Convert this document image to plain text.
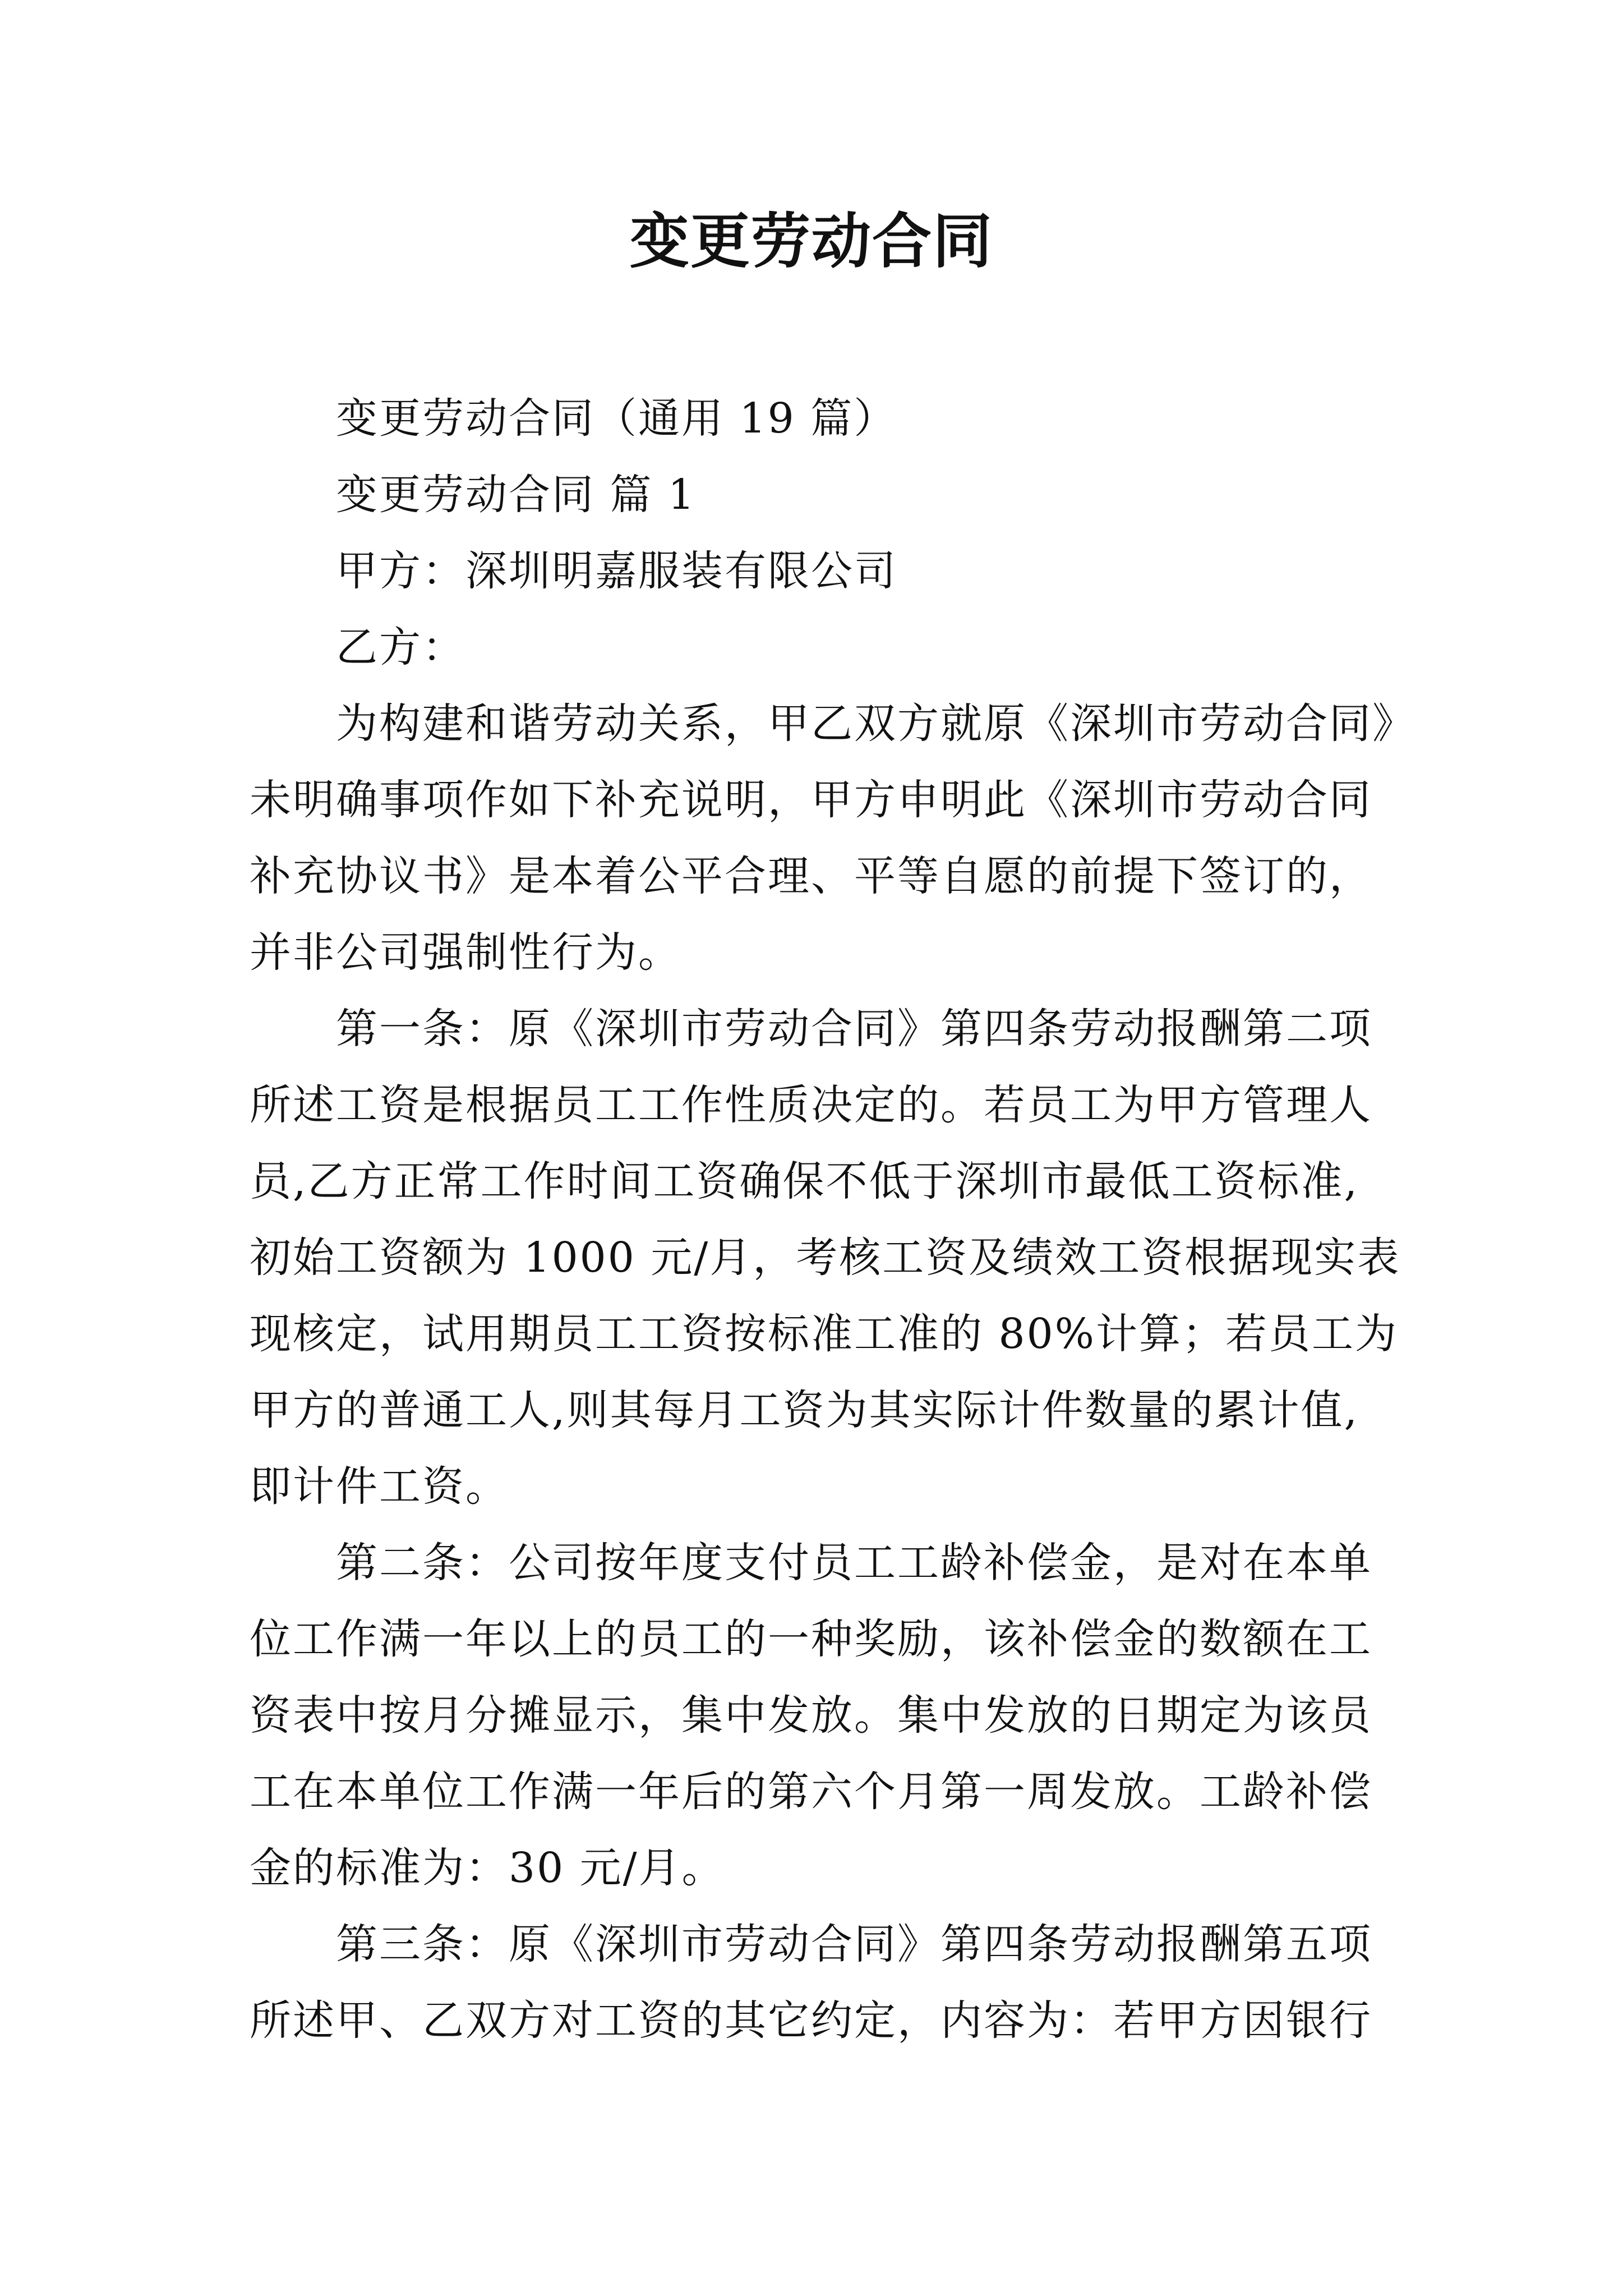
变更劳动合同
变更劳动合同（通用 19 篇）
变更劳动合同 篇 1
甲方：深圳明嘉服装有限公司
乙方：
为构建和谐劳动关系，甲乙双方就原《深圳市劳动合同》
未明确事项作如下补充说明，甲方申明此《深圳市劳动合同
补充协议书》是本着公平合理、平等自愿的前提下签订的，
并非公司强制性行为。
第一条：原《深圳市劳动合同》第四条劳动报酬第二项
所述工资是根据员工工作性质决定的。若员工为甲方管理人
员,乙方正常工作时间工资确保不低于深圳市最低工资标准,
初始工资额为 1000 元/月，考核工资及绩效工资根据现实表
现核定，试用期员工工资按标准工准的 80%计算；若员工为
甲方的普通工人,则其每月工资为其实际计件数量的累计值,
即计件工资。
第二条：公司按年度支付员工工龄补偿金，是对在本单
位工作满一年以上的员工的一种奖励，该补偿金的数额在工
资表中按月分摊显示，集中发放。集中发放的日期定为该员
工在本单位工作满一年后的第六个月第一周发放。工龄补偿
金的标准为：30 元/月。
第三条：原《深圳市劳动合同》第四条劳动报酬第五项
所述甲、乙双方对工资的其它约定，内容为：若甲方因银行
